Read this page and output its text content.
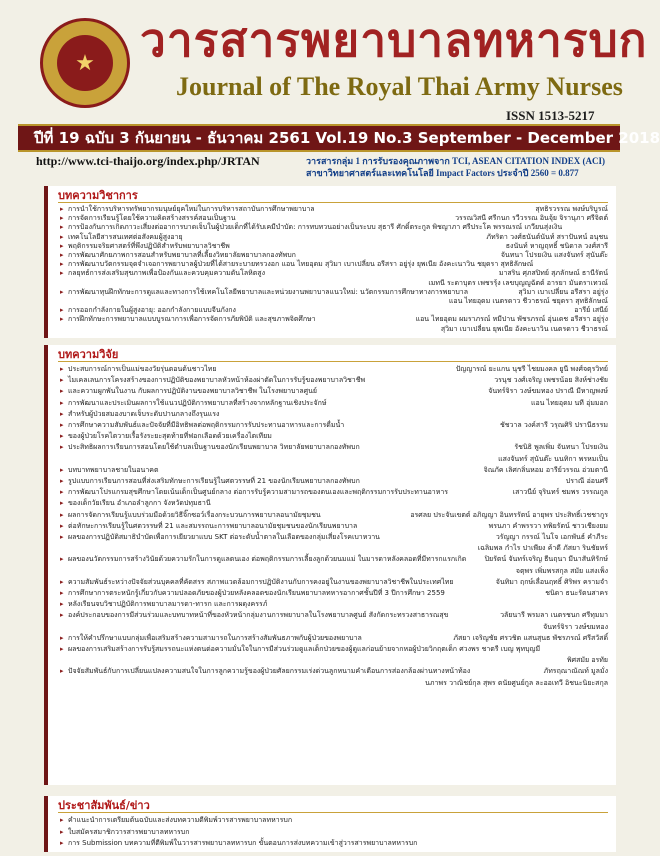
★ วารสารพยาบาลทหารบก
Journal of The Royal Thai Army Nurses
ISSN 1513-5217
ปีที่ 19 ฉบับ 3 กันยายน - ธันวาคม 2561 Vol.19 No.3 September - December 2018
http://www.tci-thaijo.org/index.php/JRTAN	วารสารกลุ่ม 1 การรับรองคุณภาพจาก TCI, ASEAN CITATION INDEX (ACI)
สาขาวิทยาศาสตร์และเทคโนโลยี Impact Factors ประจำปี 2560 = 0.877
บทความวิชาการ
▸ การนำใช้การบริหารทรัพยากรมนุษย์ยุคใหม่ในการบริหารสถาบันการศึกษาพยาบาล	สุทธิรวรรณ พงษ์บริบูรณ์
▸ การจัดการเรียนรู้โดยใช้ความคิดสร้างสรรค์สอนเป็นฐาน	วรรณวิสนี ศรีกนก รวีวรรณ อินจุ้ย จิรานุภา ศรีจิตต์
▸ การป้องกันการเกิดภาวะเสี่ยงต่ออาการบาดเจ็บในผู้ป่วยเด็กที่ได้รับเคมีบำบัด: การทบทวนอย่างเป็นระบบ สุธารี ศักดิ์ตระกูล พิชญาภา ศรีประโค พรรณรณ์ เกวียนสุ่งเงิน
▸ เทคโนโลยีสารสนเทศต่อสังคมผู้สูงอายุ	ภัทริดา วงศ์ธนันต์นันท์ สราปันทน์ อนุชน
▸ พฤติกรรมจริยศาสตร์ที่พึงปฏิบัติสำหรับพยาบาลวิชาชีพ	ธงนันท์ หาญฤทธิ์ ชนิดาล วงศ์สารี
▸ การพัฒนาศักยภาพการสอนสำหรับพยาบาลที่เลี้ยงวิทยาลัยพยาบาลกองทัพบก	จันทนา โปรยเงิน แสงจันทร์ สุนันต๊ะ
▸ การพัฒนาบวัตกรรมจุดจำเจอการพยาบาลผู้ป่วยที่ได้สายระบายทรวงอก แอน ไทยอุดม สุวิมา เบาเปลี่ยน อรีสรา อยู่รุ่ง ยุพเนีย อังคะเนาวิน ชยุดรา สุทธิลักษณ์
▸ กลยุทธ์การส่งเสริมสุขภาพเพื่อป้องกันและควบคุมความดันโลหิตสูง	มาสริน ศุภสปิทย์ สุภลักษณ์ ธานีรัตน์
เมทนี ระดาบุตร เพชรรุ้ง เลขบุญญูฉัตต์ อารยา มันตราเทวณ์
▸ การพัฒนาทุนฝึกทักษะการดูแลและทางการใช้เทคโนโลยีพยาบาลและหน่วยงานพยาบาลแนวใหม่: นวัตกรรมการศึกษาทางการพยาบาล	สุวิมา เบาเปลี่ยน อรีสรา อยู่รุ่ง
แอน ไทยอุดม เนตรดาว ชีวาธรณ์ ชยุดรา สุทธิลักษณ์
▸ การออกกำลังกายในผู้สูงอายุ: ออกกำลังกายแบบจีนกังกง	อารีย์ เสนีย์
▸ การฝึกทักษะการพยาบาลแบบบูรณาการเพื่อการจัดการภัยพิบัติ และสุขภาพจิตศึกษา	แอน ไทยอุดม ผมราภรณ์ หมีปาน พัชรภรณ์ อุ่นเดช อรีสรา อยู่รุ่ง
สุวิมา เบาเปลี่ยน ยุพเนีย อังคะนาวิน เนตรดาว ชีวาธรณ์
บทความวิจัย
▸ ประสบการณ์การเป็นแม่ของวัยรุ่นตอนต้นชาวไทย	ปัญญารณ์ ยะแกน นุชรี ไชยมงคล ยูนี พงศ์จตุรวิทย์
▸ ไมเคลเลนการโครงสร้างของการปฏิบัติของพยาบาลหัวหน้าห้องผ่าตัดในการรับรู้ของพยาบาลวิชาชีพ	วรนุช วงศ์เจริญ เพชรน้อย สิงห์ช่างชัย
▸ และความผูกพันในงาน กับผลการปฏิบัติงานของพยาบาลวิชาชีพ ในโรงพยาบาลศูนย์	จันทร์จิรา วงษ์ขมทอง ปราณี มีหาญพงษ์
▸ การพัฒนาและประเมินผลการใช้แนวปฏิบัติการพยาบาลที่สร้างจากหลักฐานเชิงประจักษ์	แอน ไทยอุดม นที อุ่มมอก
▸ สำหรับผู้ป่วยสมองบาดเจ็บระดับปานกลางถึงรุนแรง
▸ การศึกษาความสัมพันธ์และปัจจัยที่มีอิทธิพลต่อพฤติกรรมการรับประทานอาหารและการดื่มน้ำ	ชัชวาล วงค์สารี วรุณศิริ ปรานีธรรม
▸ ของผู้ป่วยโรคไตวายเรื้อรังระยะสุดท้ายที่ฟอกเลือดด้วยเครื่องไตเทียม
▸ ประสิทธิผลการเรียนการสอนโดยใช้ตำบลเป็นฐานของนักเรียนพยาบาล วิทยาลัยพยาบาลกองทัพบก	รัชนิธิ พูลเพิ่ม จันทนา โปรยเงิน
แสงจันทร์ สุนันต๊ะ นนทิกา พรหมเป็น
▸ บทบาทพยาบาลชายในอนาคต	จิณภัค เลิศกลิ่นหอม อารีย์วรรณ อ่วมตานี
▸ รูปแบบการเรียนการสอนที่ส่งเสริมทักษะการเรียนรู้ในศตวรรษที่ 21 ของนักเรียนพยาบาลกองทัพบก	ปราณี อ่อนศรี
▸ การพัฒนาโปรแกรมสุขศึกษาโดยเน้นเด็กเป็นศูนย์กลาง ต่อการรับรู้ความสามารถของตนเองและพฤติกรรมการรับประทานอาหาร	เสาวนีย์ จุรินทร์ ชมพร วรรณกูล
▸ ของเด็กวัยเรียน อำเภอลำลูกกา จังหวัดปทุมธานี
▸ ผลการจัดการเรียนรู้แบบร่วมมือด้วยวิธีจิ๊กซอว์เรื่องกระบวนการพยาบาลอนามัยชุมชน	อรศลย ประจันเขตต์ อภิญญา อินทรรัตน์ อายุพร ประสิทธิ์เวชชากูร
▸ ต่อทักษะการเรียนรู้ในศตวรรษที่ 21 และสมรรถนะการพยาบาลอนามัยชุมชนของนักเรียนพยาบาล	พรนภา คำพรรวา ทพิยรัตน์ ชาวเชียงยม
▸ ผลของการปฏิบัติสมาธิบำบัดเพื่อการเยียวยาแบบ SKT ต่อระดับน้ำตาลในเลือดของกลุ่มเสี่ยงโรคเบาหวาน	วรัญญา กรรณ์ ไนโจ เอกพันธ์ คำภีระ
เฉลิมพล กำไร ปาเพียง ค้าดี ภัสยา รินชัยทร์
▸ ผลของนวัตกรรมการสร้างวินัยด้วยความรักในการดูแลตนเอง ต่อพฤติกรรมการเลี้ยงลูกด้วยนมแม่ ในมารดาหลังคลอดที่มีทารกแรกเกิด	ปิยรัตน์ จันทร์เจริญ ธีนฤนา มีนาสันทิรักษ์
จตุพร เพิ่มพรสกุล สมัย แสงเพ็ง
▸ ความสัมพันธ์ระหว่างปัจจัยส่วนบุคคลที่คัดสรร สภาพแวดล้อมการปฏิบัติงานกับการคงอยู่ในงานของพยาบาลวิชาชีพในประเทศไทย	จันทิมา ฤกษ์เลื่อนฤทธิ์ ศิริพร ครามจำ
▸ การศึกษาการตระหนักรู้เกี่ยวกับความปลอดภัยของผู้ป่วยหลังคลอดของนักเรียนพยาบาลทหารอากาศชั้นปีที่ 3 ปีการศึกษา 2559	ชนิดา ธนะรัตนสาคร
▸ หลังเรียนจบวิชาปฏิบัติการพยาบาลมารดา-ทารก และการผดุงครรภ์
▸ องค์ประกอบของการมีส่วนร่วมและบทบาทหน้าที่ของหัวหน้ากลุ่มงานการพยาบาลในโรงพยาบาลศูนย์ สังกัดกระทรวงสาธารณสุข	วลัยนารี พรมลา เนตรชนก ศรีทุมมา
จันทร์จิรา วงษ์ขมทอง
▸ การให้คำปรึกษาแบบกลุ่มเพื่อเสริมสร้างความสามารถในการสร้างสัมพันธภาพกับผู้ป่วยของพยาบาล	ภัสยา เจริญชัย ศรวชิต แสนสุนธ พัชรภรณ์ ศรีสวัสดิ์
▸ ผลของการเสริมสร้างการรับรู้สมรรถนะแห่งตนต่อความมั่นใจในการมีส่วนร่วมดูแลเด็กป่วยของผู้ดูแลก่อนย้ายจากหอผู้ป่วยวิกฤตเด็ก ศวงพร ชาตรี เบญ พุทบุญมี
พิศสมัย อรทัย
▸ ปัจจัยสัมพันธ์กับการเปลี่ยนแปลงความสนใจในการลูกความรู้ของผู้ป่วยศัลยกรรมเร่งด่วนลูกหนามคำเตือนการส่องกล้องผ่านทางหน้าท้อง	ภัทรฤณาณัณท์ มูลมั่ง
นภาพร วาณิชย์กุล สุพร ตนัยศูนย์กูล ละออเทวี อิชนะนิยะสกุล
ประชาสัมพันธ์/ข่าว
▸ คำแนะนำการเตรียมต้นฉบับและส่งบทความตีพิมพ์วารสารพยาบาลทหารบก
▸ ใบสมัครสมาชิกวารสารพยาบาลทหารบก
▸ การ Submission บทความที่ตีพิมพ์ในวารสารพยาบาลทหารบก ขั้นตอนการส่งบทความเข้าสู่วารสารพยาบาลทหารบก
